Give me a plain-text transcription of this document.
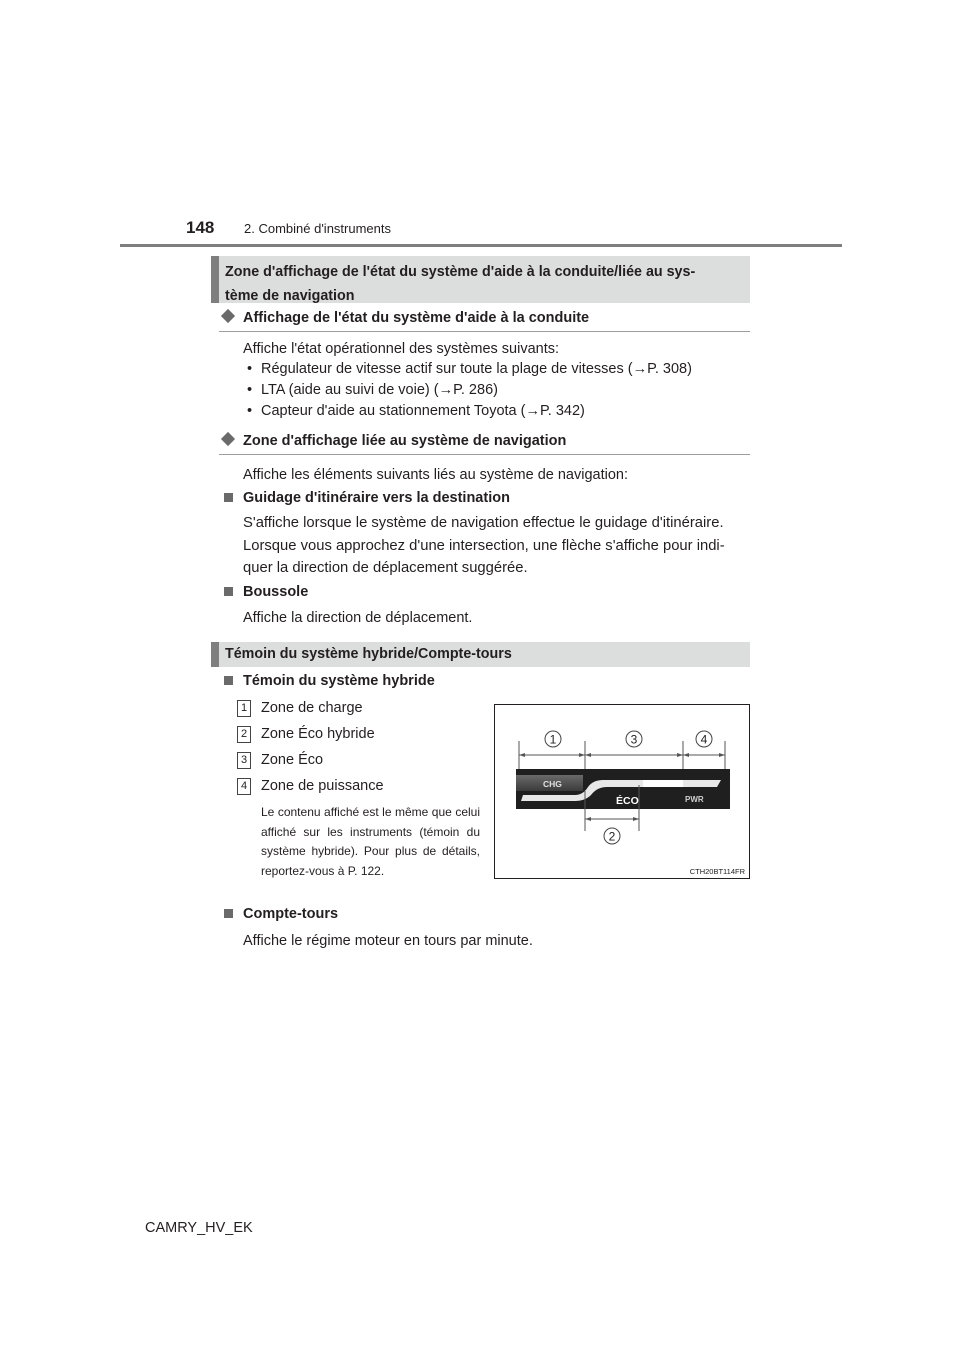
148 2. Combiné d'instruments
Zone d'affichage de l'état du système d'aide à la conduite/liée au sys-
tème de navigation
Affichage de l'état du système d'aide à la conduite
Affiche l'état opérationnel des systèmes suivants:
• Régulateur de vitesse actif sur toute la plage de vitesses (→P. 308)
• LTA (aide au suivi de voie) (→P. 286)
• Capteur d'aide au stationnement Toyota (→P. 342)
Zone d'affichage liée au système de navigation
Affiche les éléments suivants liés au système de navigation:
Guidage d'itinéraire vers la destination
S'affiche lorsque le système de navigation effectue le guidage d'itinéraire.
Lorsque vous approchez d'une intersection, une flèche s'affiche pour indi-
quer la direction de déplacement suggérée.
Boussole
Affiche la direction de déplacement.
Témoin du système hybride/Compte-tours
Témoin du système hybride
1 Zone de charge
2 Zone Éco hybride
3 Zone Éco
4 Zone de puissance
Le contenu affiché est le même que celui affiché sur les instruments (témoin du système hybride). Pour plus de détails, reportez-vous à P. 122.
1	3	4
CHG
ÉCO	PWR
2
CTH20BT114FR
Compte-tours
Affiche le régime moteur en tours par minute.
CAMRY_HV_EK
